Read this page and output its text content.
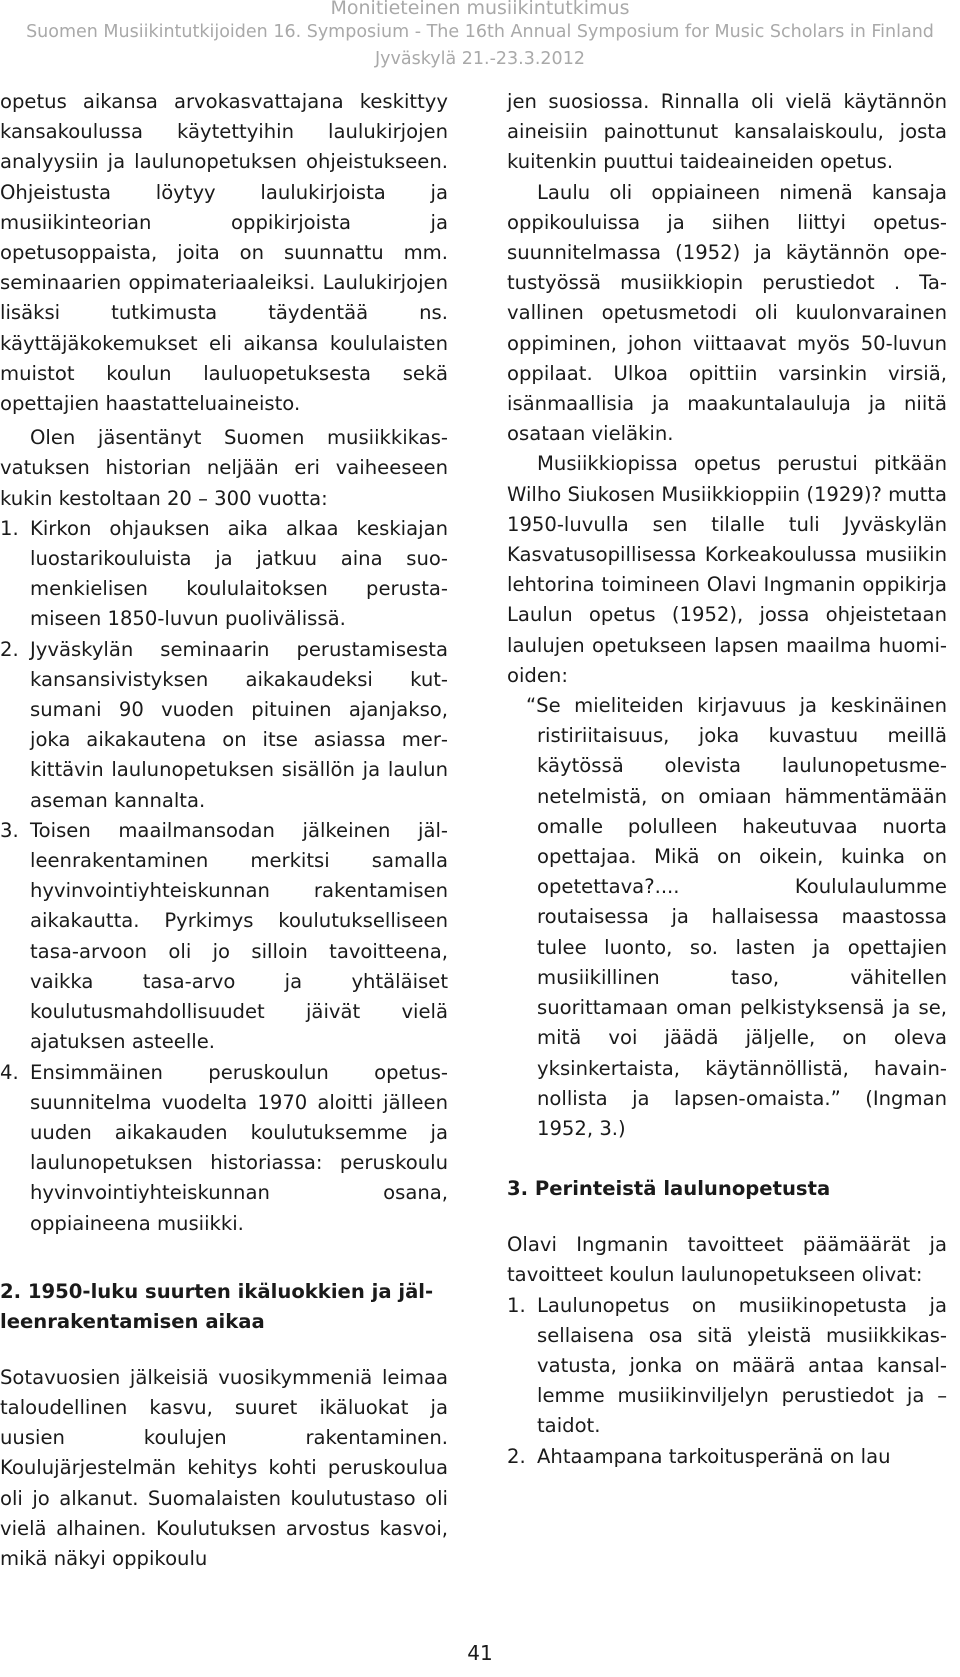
Monitieteinen musiikintutkimus
Suomen Musiikintutkijoiden 16. Symposium - The 16th Annual Symposium for Music Scholars in Finland
Jyväskylä 21.-23.3.2012

opetus aikansa arvokasvattajana keskittyy kansakoulussa käytettyihin laulukirjojen analyysiin ja laulunopetuksen ohjeistukseen. Ohjeistusta löytyy laulukirjoista ja musiikinteorian oppikirjoista ja opetusoppaista, joita on suunnattu mm. seminaarien oppimateriaaleiksi. Laulukirjojen lisäksi tutkimusta täydentää ns. käyttäjäkokemukset eli aikansa koululaisten muistot koulun lauluopetuksesta sekä opettajien haastatteluaineisto.

Olen jäsentänyt Suomen musiikkikasvatuksen historian neljään eri vaiheeseen kukin kestoltaan 20 – 300 vuotta:

1. Kirkon ohjauksen aika alkaa keskiajan luostarikouluista ja jatkuu aina suomenkielisen koululaitoksen perustamiseen 1850-luvun puolivälissä.

2. Jyväskylän seminaarin perustamisesta kansansivistyksen aikakaudeksi kutsumani 90 vuoden pituinen ajanjakso, joka aikakautena on itse asiassa merkittävin laulunopetuksen sisällön ja laulun aseman kannalta.

3. Toisen maailmansodan jälkeinen jälleenrakentaminen merkitsi samalla hyvinvointiyhteiskunnan rakentamisen aikakautta. Pyrkimys koulutukselliseen tasa-arvoon oli jo silloin tavoitteena, vaikka tasa-arvo ja yhtäläiset koulutusmahdollisuudet jäivät vielä ajatuksen asteelle.

4. Ensimmäinen peruskoulun opetussuunnitelma vuodelta 1970 aloitti jälleen uuden aikakauden koulutuksemme ja laulunopetuksen historiassa: peruskoulu hyvinvointiyhteiskunnan osana, oppiaineena musiikki.

2. 1950-luku suurten ikäluokkien ja jälleenrakentamisen aikaa

Sotavuosien jälkeisiä vuosikymmeniä leimaa taloudellinen kasvu, suuret ikäluokat ja uusien koulujen rakentaminen. Koulujärjestelmän kehitys kohti peruskoulua oli jo alkanut. Suomalaisten koulutustaso oli vielä alhainen. Koulutuksen arvostus kasvoi, mikä näkyi oppikoulu

jen suosiossa. Rinnalla oli vielä käytännön aineisiin painottunut kansalaiskoulu, josta kuitenkin puuttui taideaineiden opetus.

Laulu oli oppiaineen nimenä kansaja oppikouluissa ja siihen liittyi opetussuunnitelmassa (1952) ja käytännön opetustyössä musiikkiopin perustiedot . Tavallinen opetusmetodi oli kuulonvarainen oppiminen, johon viittaavat myös 50-luvun oppilaat. Ulkoa opittiin varsinkin virsiä, isänmaallisia ja maakuntalauluja ja niitä osataan vieläkin.

Musiikkiopissa opetus perustui pitkään Wilho Siukosen Musiikkioppiin (1929)? mutta 1950-luvulla sen tilalle tuli Jyväskylän Kasvatusopillisessa Korkeakoulussa musiikin lehtorina toimineen Olavi Ingmanin oppikirja Laulun opetus (1952), jossa ohjeistetaan laulujen opetukseen lapsen maailma huomioiden:

“Se mieliteiden kirjavuus ja keskinäinen ristiriitaisuus, joka kuvastuu meillä käytössä olevista laulunopetusmenetelmistä, on omiaan hämmentämään omalle polulleen hakeutuvaa nuorta opettajaa. Mikä on oikein, kuinka on opetettava?.... Koululaulumme routaisessa ja hallaisessa maastossa tulee luonto, so. lasten ja opettajien musiikillinen taso, vähitellen suorittamaan oman pelkistyksensä ja se, mitä voi jäädä jäljelle, on oleva yksinkertaista, käytännöllistä, havainnollista ja lapsen-omaista.” (Ingman 1952, 3.)

3. Perinteistä laulunopetusta

Olavi Ingmanin tavoitteet päämäärät ja tavoitteet koulun laulunopetukseen olivat:

1. Laulunopetus on musiikinopetusta ja sellaisena osa sitä yleistä musiikkikasvatusta, jonka on määrä antaa kansallemme musiikinviljelyn perustiedot ja –taidot.

2. Ahtaampana tarkoitusperänä on lau

41
